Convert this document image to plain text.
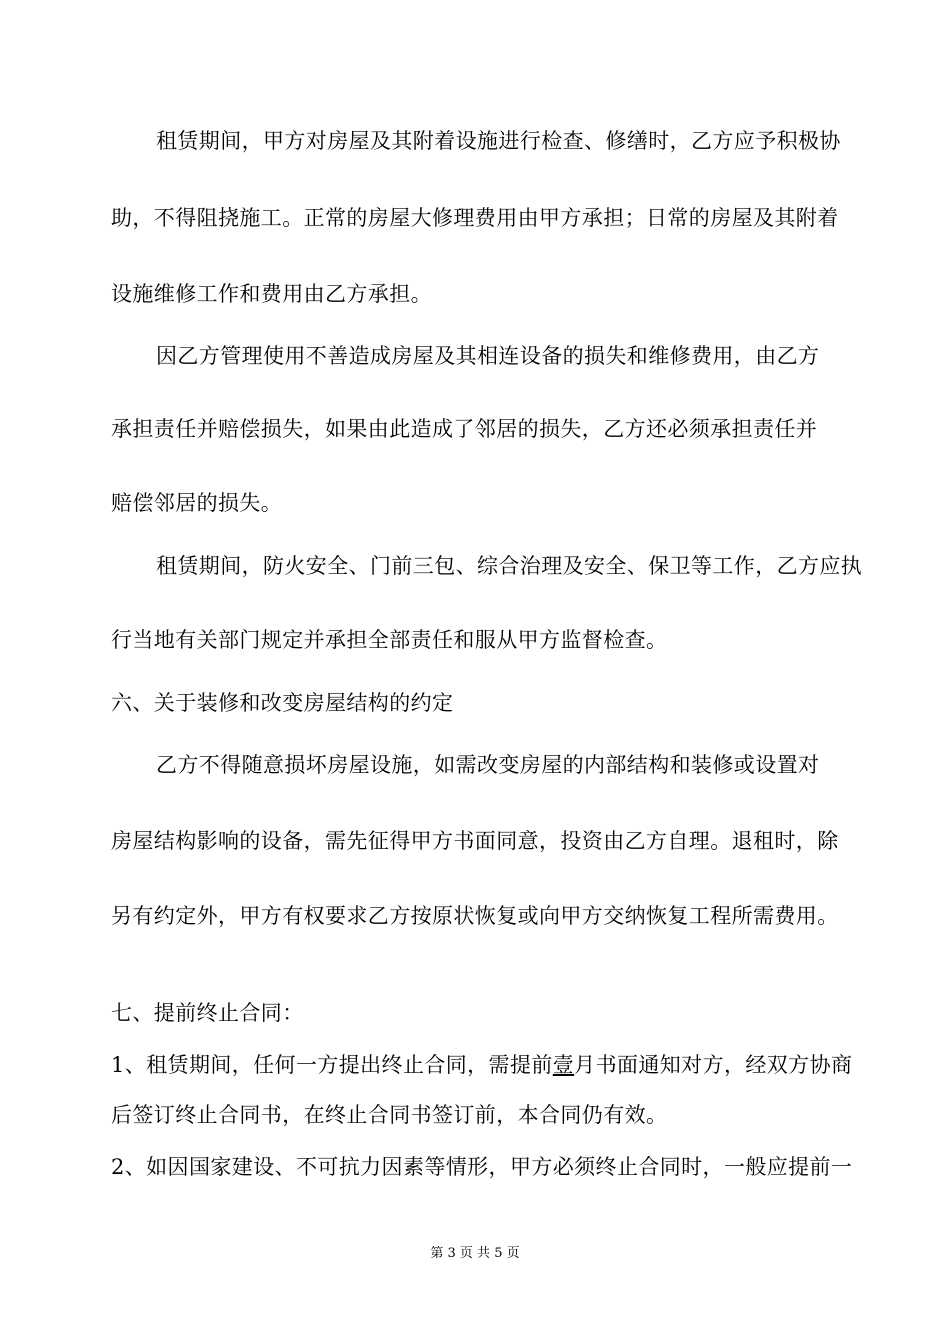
租赁期间，甲方对房屋及其附着设施进行检查、修缮时，乙方应予积极协
助，不得阻挠施工。正常的房屋大修理费用由甲方承担；日常的房屋及其附着
设施维修工作和费用由乙方承担。
因乙方管理使用不善造成房屋及其相连设备的损失和维修费用，由乙方
承担责任并赔偿损失，如果由此造成了邻居的损失，乙方还必须承担责任并
赔偿邻居的损失。
租赁期间，防火安全、门前三包、综合治理及安全、保卫等工作，乙方应执
行当地有关部门规定并承担全部责任和服从甲方监督检查。
六、关于装修和改变房屋结构的约定
乙方不得随意损坏房屋设施，如需改变房屋的内部结构和装修或设置对
房屋结构影响的设备，需先征得甲方书面同意，投资由乙方自理。退租时，除
另有约定外，甲方有权要求乙方按原状恢复或向甲方交纳恢复工程所需费用。
七、提前终止合同：
1、租赁期间，任何一方提出终止合同，需提前壹月书面通知对方，经双方协商
后签订终止合同书，在终止合同书签订前，本合同仍有效。
2、如因国家建设、不可抗力因素等情形，甲方必须终止合同时，一般应提前一
第 3 页 共 5 页
